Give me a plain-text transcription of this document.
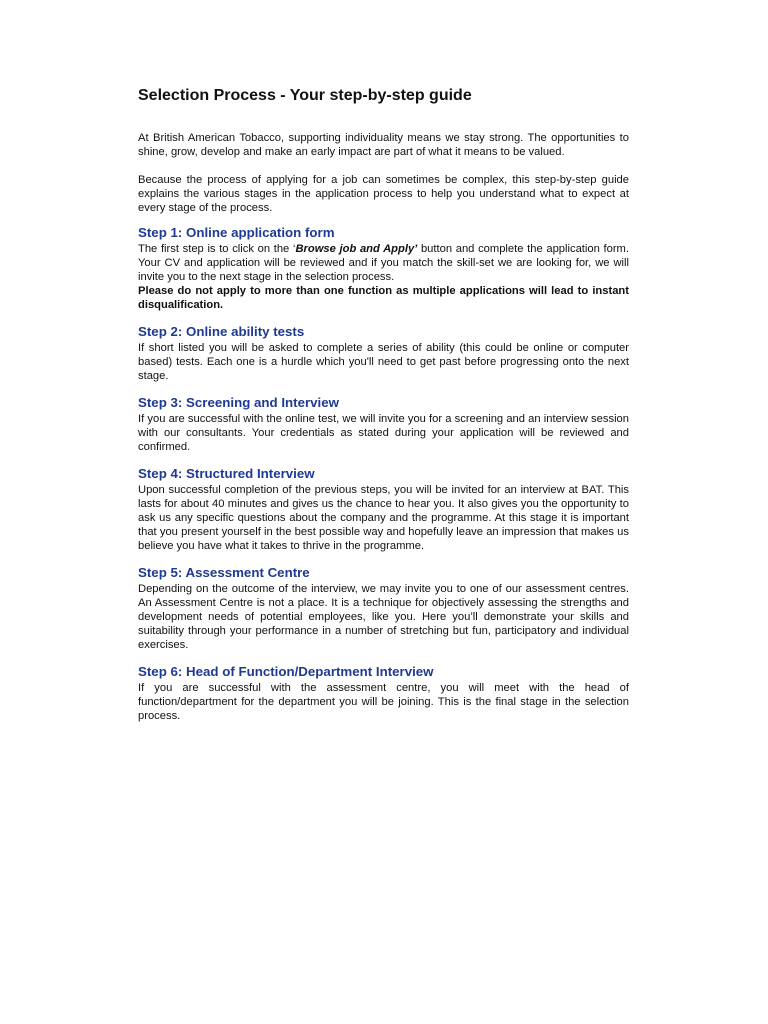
Selection Process - Your step-by-step guide

At British American Tobacco, supporting individuality means we stay strong. The opportunities to shine, grow, develop and make an early impact are part of what it means to be valued.

Because the process of applying for a job can sometimes be complex, this step-by-step guide explains the various stages in the application process to help you understand what to expect at every stage of the process.

Step 1: Online application form

The first step is to click on the ‘Browse job and Apply’ button and complete the application form. Your CV and application will be reviewed and if you match the skill-set we are looking for, we will invite you to the next stage in the selection process.

Please do not apply to more than one function as multiple applications will lead to instant disqualification.

Step 2: Online ability tests

If short listed you will be asked to complete a series of ability (this could be online or computer based) tests. Each one is a hurdle which you'll need to get past before progressing onto the next stage.

Step 3: Screening and Interview

If you are successful with the online test, we will invite you for a screening and an interview session with our consultants. Your credentials as stated during your application will be reviewed and confirmed.

Step 4: Structured Interview

Upon successful completion of the previous steps, you will be invited for an interview at BAT. This lasts for about 40 minutes and gives us the chance to hear you. It also gives you the opportunity to ask us any specific questions about the company and the programme. At this stage it is important that you present yourself in the best possible way and hopefully leave an impression that makes us believe you have what it takes to thrive in the programme.

Step 5: Assessment Centre

Depending on the outcome of the interview, we may invite you to one of our assessment centres. An Assessment Centre is not a place. It is a technique for objectively assessing the strengths and development needs of potential employees, like you. Here you’ll demonstrate your skills and suitability through your performance in a number of stretching but fun, participatory and individual exercises.

Step 6: Head of Function/Department Interview

If you are successful with the assessment centre, you will meet with the head of function/department for the department you will be joining. This is the final stage in the selection process.
